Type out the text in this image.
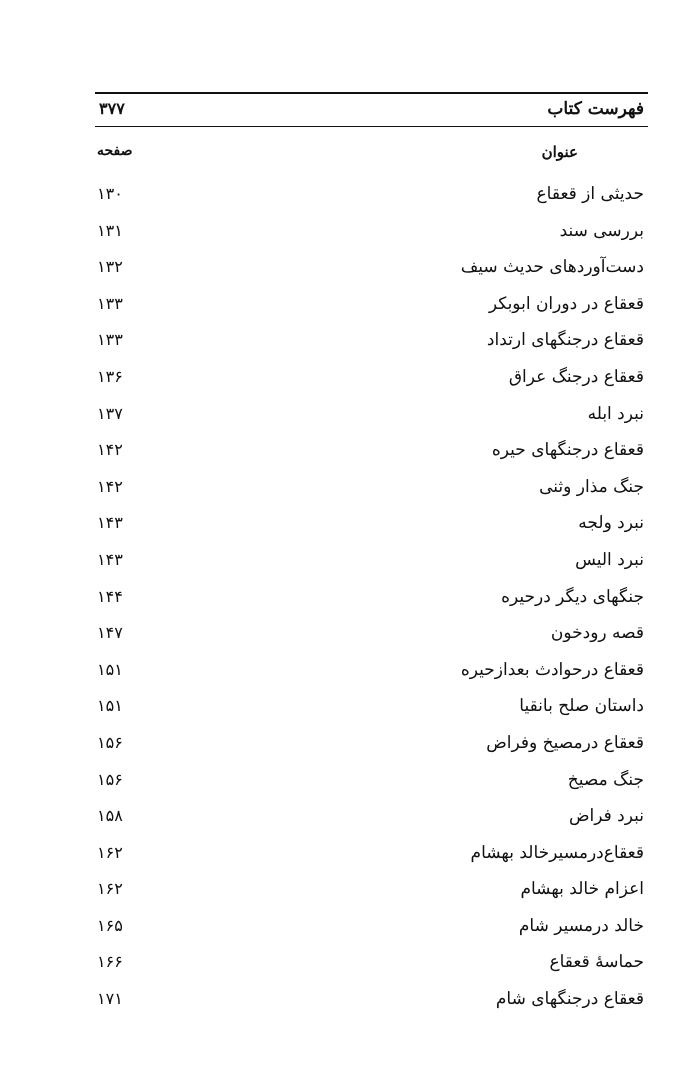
فهرست کتاب
۳۷۷
عنوان
صفحه
حدیثی از قعقاع
۱۳۰
بررسی سند
۱۳۱
دست‌آوردهای حدیث سیف
۱۳۲
قعقاع در دوران ابوبکر
۱۳۳
قعقاع درجنگهای ارتداد
۱۳۳
قعقاع درجنگ عراق
۱۳۶
نبرد ابله
۱۳۷
قعقاع درجنگهای حیره
۱۴۲
جنگ مذار وثنی
۱۴۲
نبرد ولجه
۱۴۳
نبرد الیس
۱۴۳
جنگهای دیگر درحیره
۱۴۴
قصه رودخون
۱۴۷
قعقاع درحوادث بعدازحیره
۱۵۱
داستان صلح بانقیا
۱۵۱
قعقاع درمصیخ وفراض
۱۵۶
جنگ مصیخ
۱۵۶
نبرد فراض
۱۵۸
قعقاع‌درمسیرخالد بهشام
۱۶۲
اعزام خالد بهشام
۱۶۲
خالد درمسیر شام
۱۶۵
حماسهٔ قعقاع
۱۶۶
قعقاع درجنگهای شام
۱۷۱
